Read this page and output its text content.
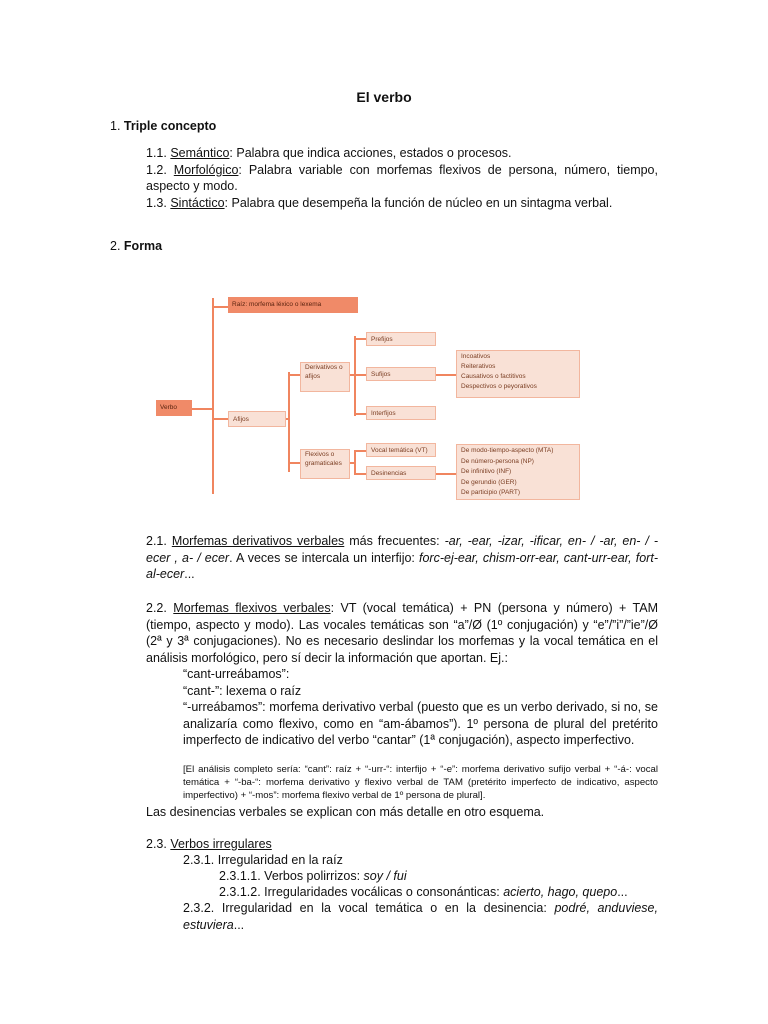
El verbo
1. Triple concepto
1.1. Semántico: Palabra que indica acciones, estados o procesos.
1.2. Morfológico: Palabra variable con morfemas flexivos de persona, número, tiempo, aspecto y modo.
1.3. Sintáctico: Palabra que desempeña la función de núcleo en un sintagma verbal.
2. Forma
Verbo
Raíz: morfema léxico o lexema
Afijos
Derivativos o afijos
Flexivos o gramaticales
Prefijos
Sufijos
Interfijos
Incoativos
Reiterativos
Causativos o factitivos
Despectivos o peyorativos
Vocal temática (VT)
Desinencias
De modo-tiempo-aspecto (MTA)
De número-persona (NP)
De infinitivo (INF)
De gerundio (GER)
De participio (PART)
2.1. Morfemas derivativos verbales más frecuentes: -ar, -ear, -izar, -ificar, en- / -ar, en- / -ecer , a- / ecer. A veces se intercala un interfijo: forc-ej-ear, chism-orr-ear, cant-urr-ear, fort-al-ecer...
2.2. Morfemas flexivos verbales: VT (vocal temática) + PN (persona y número) + TAM (tiempo, aspecto y modo). Las vocales temáticas son “a”/Ø (1º conjugación) y “e”/”i”/”ie”/Ø (2ª y 3ª conjugaciones). No es necesario deslindar los morfemas y la vocal temática en el análisis morfológico, pero sí decir la información que aportan. Ej.:
“cant-urreábamos”:
“cant-”: lexema o raíz
“-urreábamos”: morfema derivativo verbal (puesto que es un verbo derivado, si no, se analizaría como flexivo, como en “am-ábamos”). 1º persona de plural del pretérito imperfecto de indicativo del verbo “cantar” (1ª conjugación), aspecto imperfectivo.
[El análisis completo sería: “cant”: raíz + “-urr-“: interfijo + “-e”: morfema derivativo sufijo verbal + “-á-: vocal temática + “-ba-“: morfema derivativo y flexivo verbal de TAM (pretérito imperfecto de indicativo, aspecto imperfectivo) + “-mos”: morfema flexivo verbal de 1º persona de plural].
Las desinencias verbales se explican con más detalle en otro esquema.
2.3. Verbos irregulares
2.3.1. Irregularidad en la raíz
2.3.1.1. Verbos polirrizos: soy / fui
2.3.1.2. Irregularidades vocálicas o consonánticas: acierto, hago, quepo...
2.3.2. Irregularidad en la vocal temática o en la desinencia: podré, anduviese, estuviera...
